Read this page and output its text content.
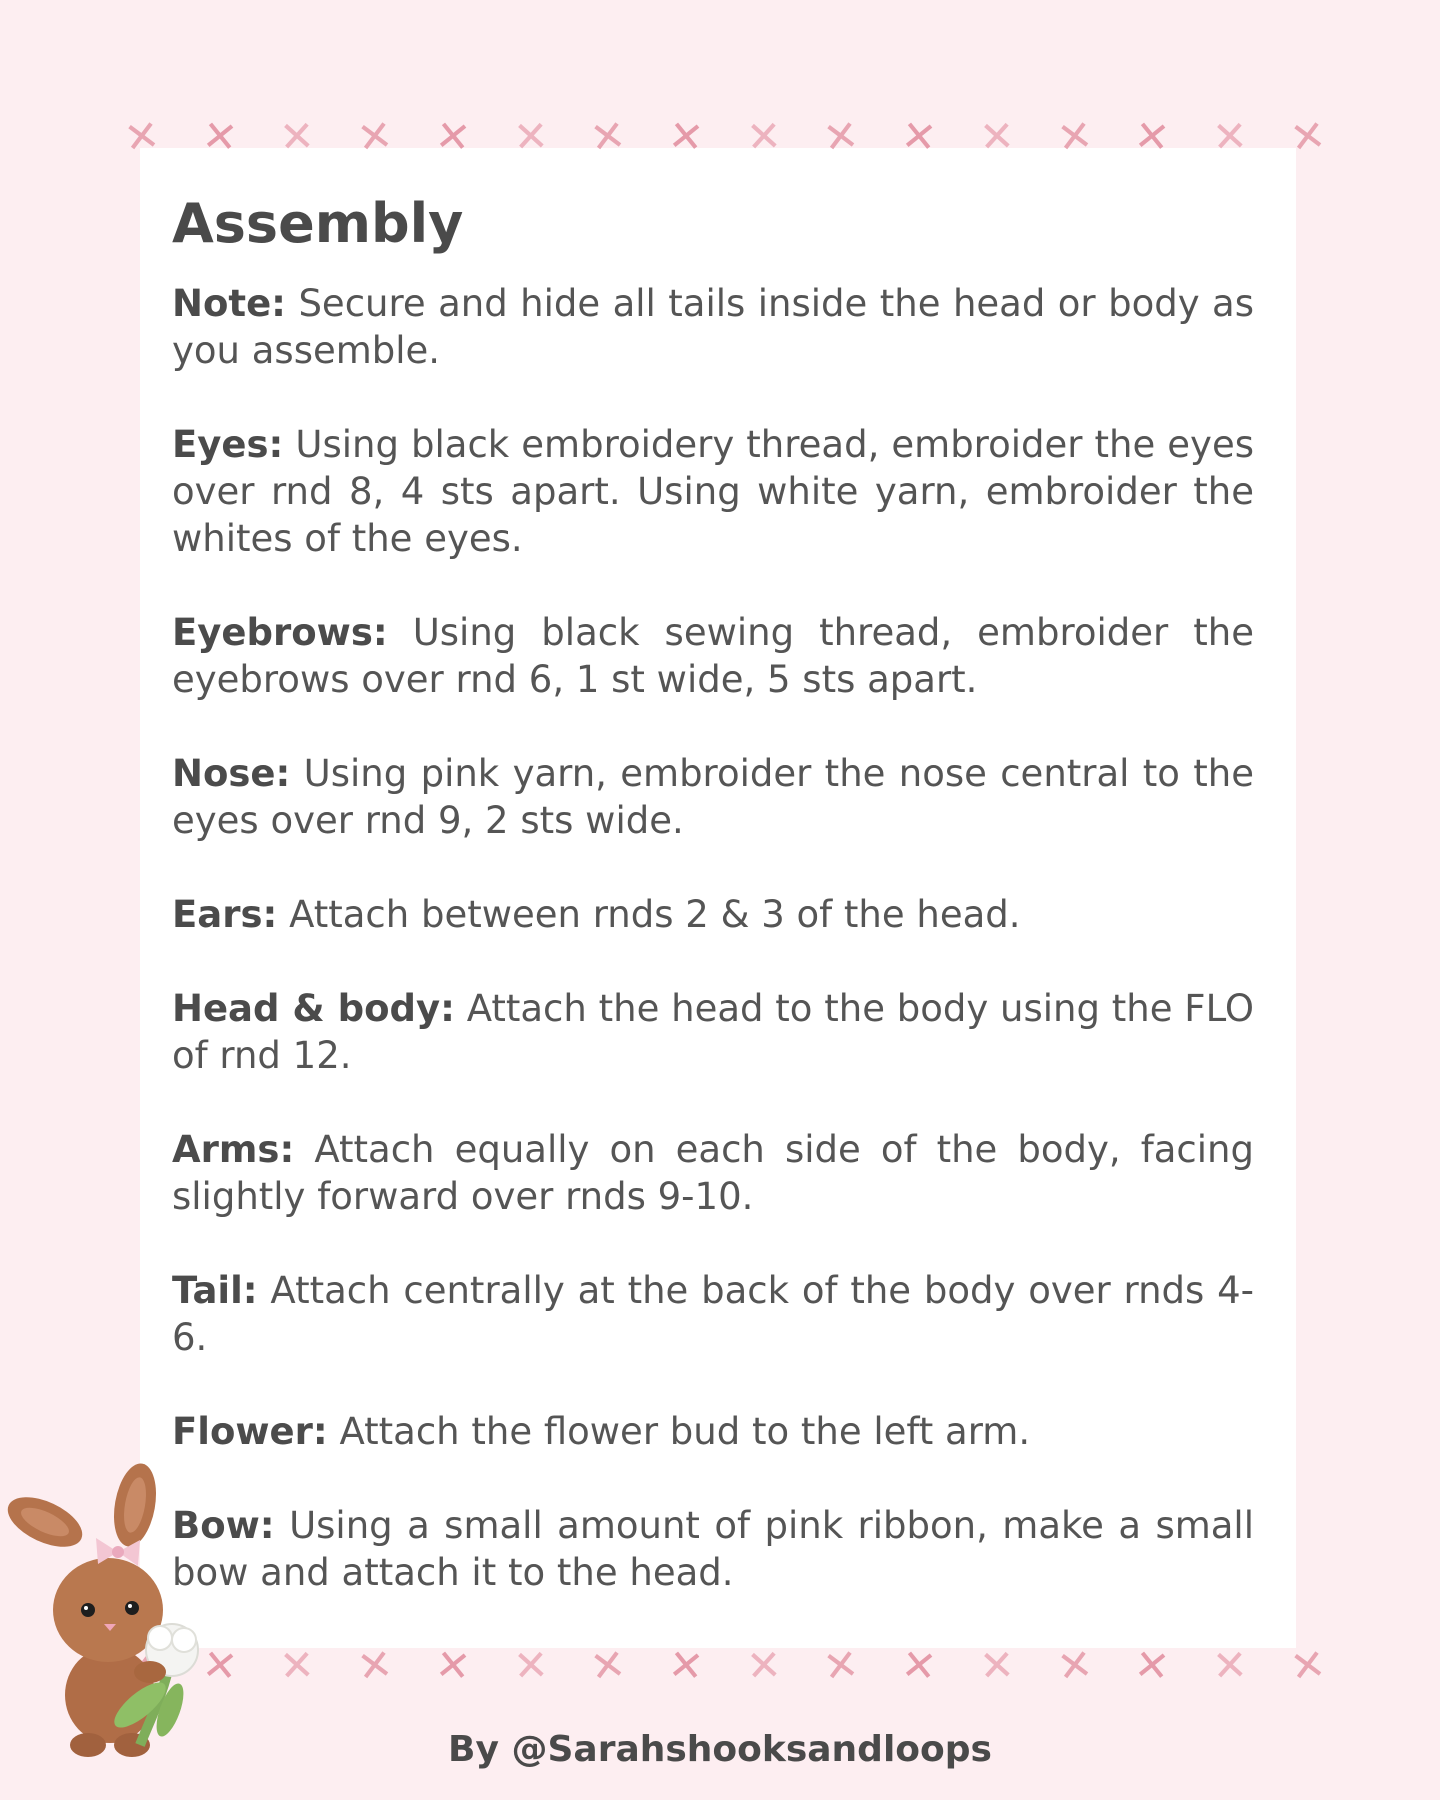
✕ ✕ ✕ ✕ ✕ ✕ ✕ ✕ ✕ ✕ ✕ ✕ ✕ ✕ ✕ ✕
✕ ✕ ✕ ✕ ✕ ✕ ✕ ✕ ✕ ✕ ✕ ✕ ✕ ✕ ✕
Assembly

Note: Secure and hide all tails inside the head or body as you assemble.

Eyes: Using black embroidery thread, embroider the eyes over rnd 8, 4 sts apart. Using white yarn, embroider the whites of the eyes.

Eyebrows: Using black sewing thread, embroider the eyebrows over rnd 6, 1 st wide, 5 sts apart.

Nose: Using pink yarn, embroider the nose central to the eyes over rnd 9, 2 sts wide.

Ears: Attach between rnds 2 & 3 of the head.

Head & body: Attach the head to the body using the FLO of rnd 12.

Arms: Attach equally on each side of the body, facing slightly forward over rnds 9-10.

Tail: Attach centrally at the back of the body over rnds 4-6.

Flower: Attach the flower bud to the left arm.

Bow: Using a small amount of pink ribbon, make a small bow and attach it to the head.

By @Sarahshooksandloops
